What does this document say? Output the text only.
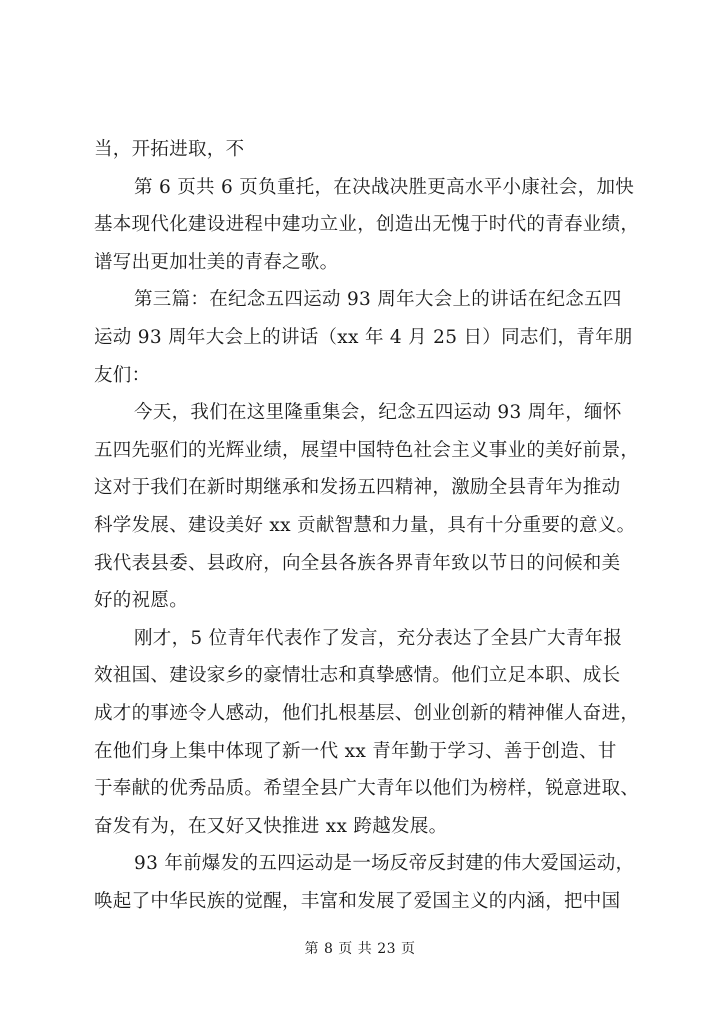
当，开拓进取，不
第 6 页共 6 页负重托，在决战决胜更高水平小康社会，加快
基本现代化建设进程中建功立业，创造出无愧于时代的青春业绩，
谱写出更加壮美的青春之歌。
第三篇：在纪念五四运动 93 周年大会上的讲话在纪念五四
运动 93 周年大会上的讲话（xx 年 4 月 25 日）同志们，青年朋
友们：
今天，我们在这里隆重集会，纪念五四运动 93 周年，缅怀
五四先驱们的光辉业绩，展望中国特色社会主义事业的美好前景，
这对于我们在新时期继承和发扬五四精神，激励全县青年为推动
科学发展、建设美好 xx 贡献智慧和力量，具有十分重要的意义。
我代表县委、县政府，向全县各族各界青年致以节日的问候和美
好的祝愿。
刚才，5 位青年代表作了发言，充分表达了全县广大青年报
效祖国、建设家乡的豪情壮志和真挚感情。他们立足本职、成长
成才的事迹令人感动，他们扎根基层、创业创新的精神催人奋进，
在他们身上集中体现了新一代 xx 青年勤于学习、善于创造、甘
于奉献的优秀品质。希望全县广大青年以他们为榜样，锐意进取、
奋发有为，在又好又快推进 xx 跨越发展。
93 年前爆发的五四运动是一场反帝反封建的伟大爱国运动，
唤起了中华民族的觉醒，丰富和发展了爱国主义的内涵，把中国
第 8 页 共 23 页
